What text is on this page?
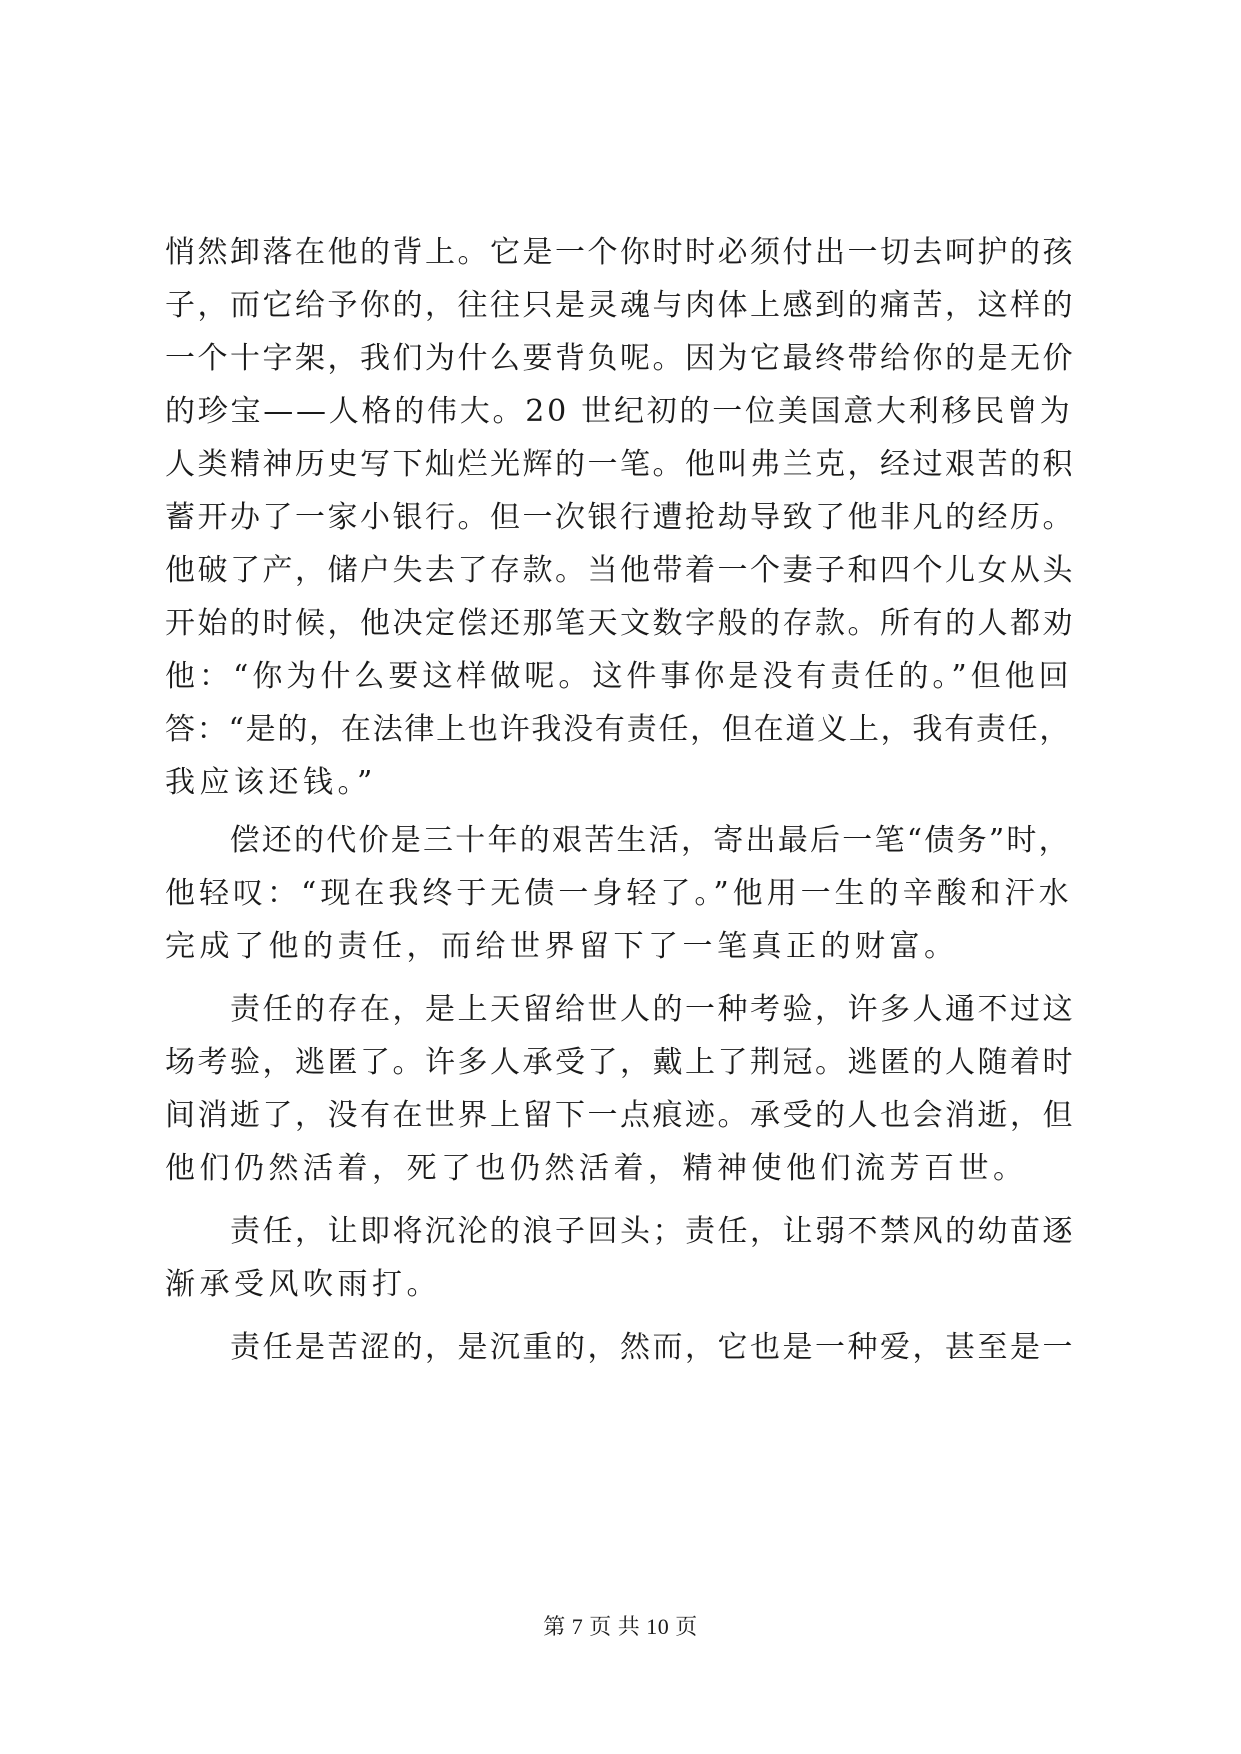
悄然卸落在他的背上。它是一个你时时必须付出一切去呵护的孩
子，而它给予你的，往往只是灵魂与肉体上感到的痛苦，这样的
一个十字架，我们为什么要背负呢。因为它最终带给你的是无价
的珍宝——人格的伟大。20 世纪初的一位美国意大利移民曾为
人类精神历史写下灿烂光辉的一笔。他叫弗兰克，经过艰苦的积
蓄开办了一家小银行。但一次银行遭抢劫导致了他非凡的经历。
他破了产，储户失去了存款。当他带着一个妻子和四个儿女从头
开始的时候，他决定偿还那笔天文数字般的存款。所有的人都劝
他：“你为什么要这样做呢。这件事你是没有责任的。”但他回
答：“是的，在法律上也许我没有责任，但在道义上，我有责任，
我应该还钱。”
　　偿还的代价是三十年的艰苦生活，寄出最后一笔“债务”时，
他轻叹：“现在我终于无债一身轻了。”他用一生的辛酸和汗水
完成了他的责任，而给世界留下了一笔真正的财富。
　　责任的存在，是上天留给世人的一种考验，许多人通不过这
场考验，逃匿了。许多人承受了，戴上了荆冠。逃匿的人随着时
间消逝了，没有在世界上留下一点痕迹。承受的人也会消逝，但
他们仍然活着，死了也仍然活着，精神使他们流芳百世。
　　责任，让即将沉沦的浪子回头；责任，让弱不禁风的幼苗逐
渐承受风吹雨打。
　　责任是苦涩的，是沉重的，然而，它也是一种爱，甚至是一
第 7 页 共 10 页
